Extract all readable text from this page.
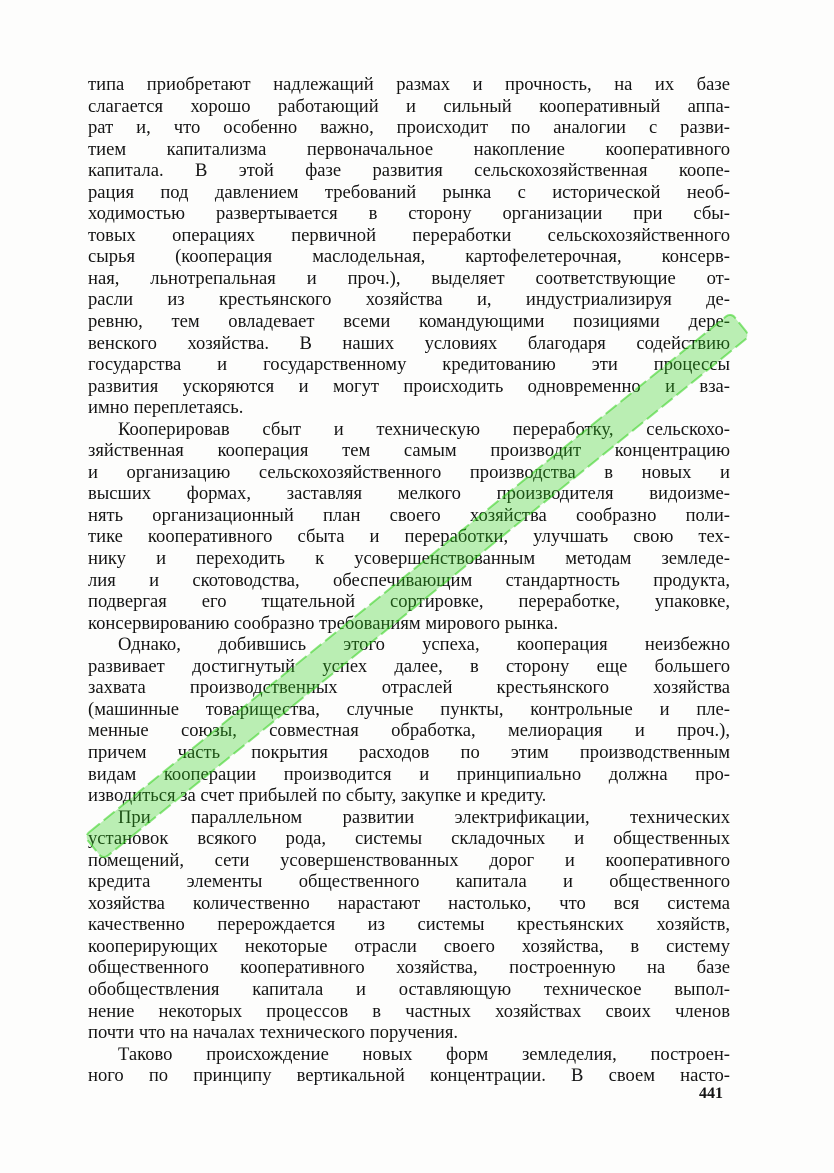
типа приобретают надлежащий размах и прочность, на их базе
слагается хорошо работающий и сильный кооперативный аппа-
рат и, что особенно важно, происходит по аналогии с разви-
тием капитализма первоначальное накопление кооперативного
капитала. В этой фазе развития сельскохозяйственная коопе-
рация под давлением требований рынка с исторической необ-
ходимостью развертывается в сторону организации при сбы-
товых операциях первичной переработки сельскохозяйственного
сырья (кооперация маслодельная, картофелетерочная, консерв-
ная, льнотрепальная и проч.), выделяет соответствующие от-
расли из крестьянского хозяйства и, индустриализируя де-
ревню, тем овладевает всеми командующими позициями дере-
венского хозяйства. В наших условиях благодаря содействию
государства и государственному кредитованию эти процессы
развития ускоряются и могут происходить одновременно и вза-
имно переплетаясь.
Кооперировав сбыт и техническую переработку, сельскохо-
зяйственная кооперация тем самым производит концентрацию
и организацию сельскохозяйственного производства в новых и
высших формах, заставляя мелкого производителя видоизме-
нять организационный план своего хозяйства сообразно поли-
тике кооперативного сбыта и переработки, улучшать свою тех-
нику и переходить к усовершенствованным методам земледе-
лия и скотоводства, обеспечивающим стандартность продукта,
подвергая его тщательной сортировке, переработке, упаковке,
консервированию сообразно требованиям мирового рынка.
Однако, добившись этого успеха, кооперация неизбежно
развивает достигнутый успех далее, в сторону еще большего
захвата производственных отраслей крестьянского хозяйства
(машинные товарищества, случные пункты, контрольные и пле-
менные союзы, совместная обработка, мелиорация и проч.),
причем часть покрытия расходов по этим производственным
видам кооперации производится и принципиально должна про-
изводиться за счет прибылей по сбыту, закупке и кредиту.
При параллельном развитии электрификации, технических
установок всякого рода, системы складочных и общественных
помещений, сети усовершенствованных дорог и кооперативного
кредита элементы общественного капитала и общественного
хозяйства количественно нарастают настолько, что вся система
качественно перерождается из системы крестьянских хозяйств,
кооперирующих некоторые отрасли своего хозяйства, в систему
общественного кооперативного хозяйства, построенную на базе
обобществления капитала и оставляющую техническое выпол-
нение некоторых процессов в частных хозяйствах своих членов
почти что на началах технического поручения.
Таково происхождение новых форм земледелия, построен-
ного по принципу вертикальной концентрации. В своем насто-
441
